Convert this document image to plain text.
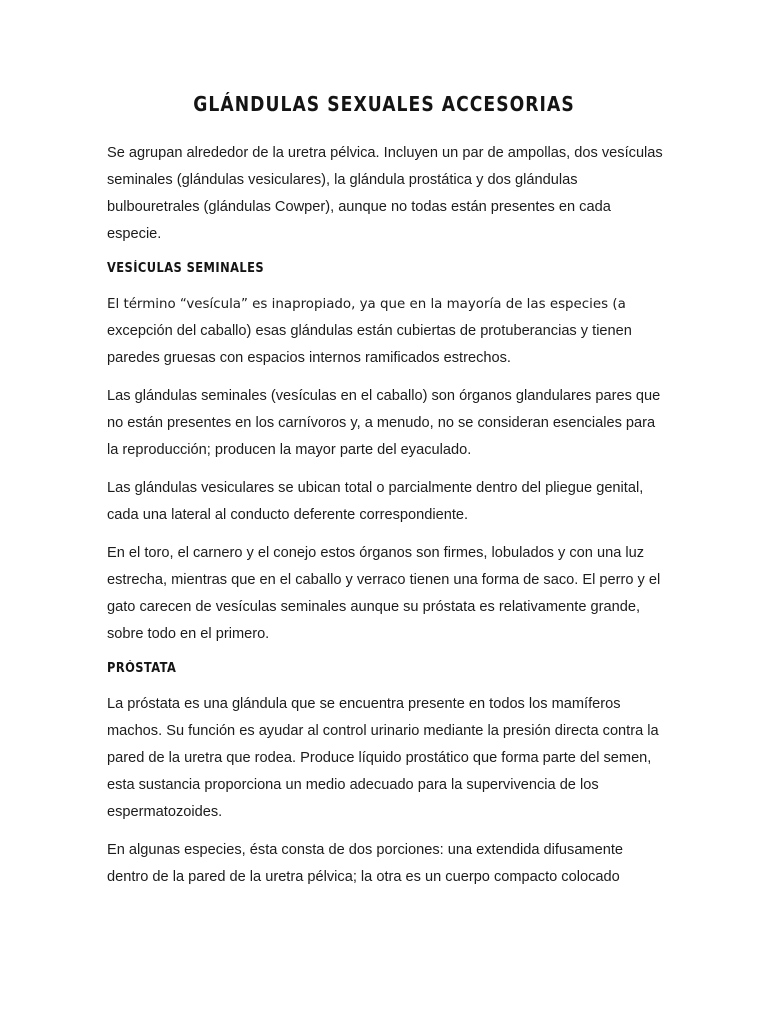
GLÁNDULAS SEXUALES ACCESORIAS

Se agrupan alrededor de la uretra pélvica. Incluyen un par de ampollas, dos vesículas seminales (glándulas vesiculares), la glándula prostática y dos glándulas bulbouretrales (glándulas Cowper), aunque no todas están presentes en cada especie.

VESÍCULAS SEMINALES

El término “vesícula” es inapropiado, ya que en la mayoría de las especies (a excepción del caballo) esas glándulas están cubiertas de protuberancias y tienen paredes gruesas con espacios internos ramificados estrechos.

Las glándulas seminales (vesículas en el caballo) son órganos glandulares pares que no están presentes en los carnívoros y, a menudo, no se consideran esenciales para la reproducción; producen la mayor parte del eyaculado.

Las glándulas vesiculares se ubican total o parcialmente dentro del pliegue genital, cada una lateral al conducto deferente correspondiente.

En el toro, el carnero y el conejo estos órganos son firmes, lobulados y con una luz estrecha, mientras que en el caballo y verraco tienen una forma de saco. El perro y el gato carecen de vesículas seminales aunque su próstata es relativamente grande, sobre todo en el primero.

PRÓSTATA

La próstata es una glándula que se encuentra presente en todos los mamíferos machos. Su función es ayudar al control urinario mediante la presión directa contra la pared de la uretra que rodea. Produce líquido prostático que forma parte del semen, esta sustancia proporciona un medio adecuado para la supervivencia de los espermatozoides.

En algunas especies, ésta consta de dos porciones: una extendida difusamente dentro de la pared de la uretra pélvica; la otra es un cuerpo compacto colocado
